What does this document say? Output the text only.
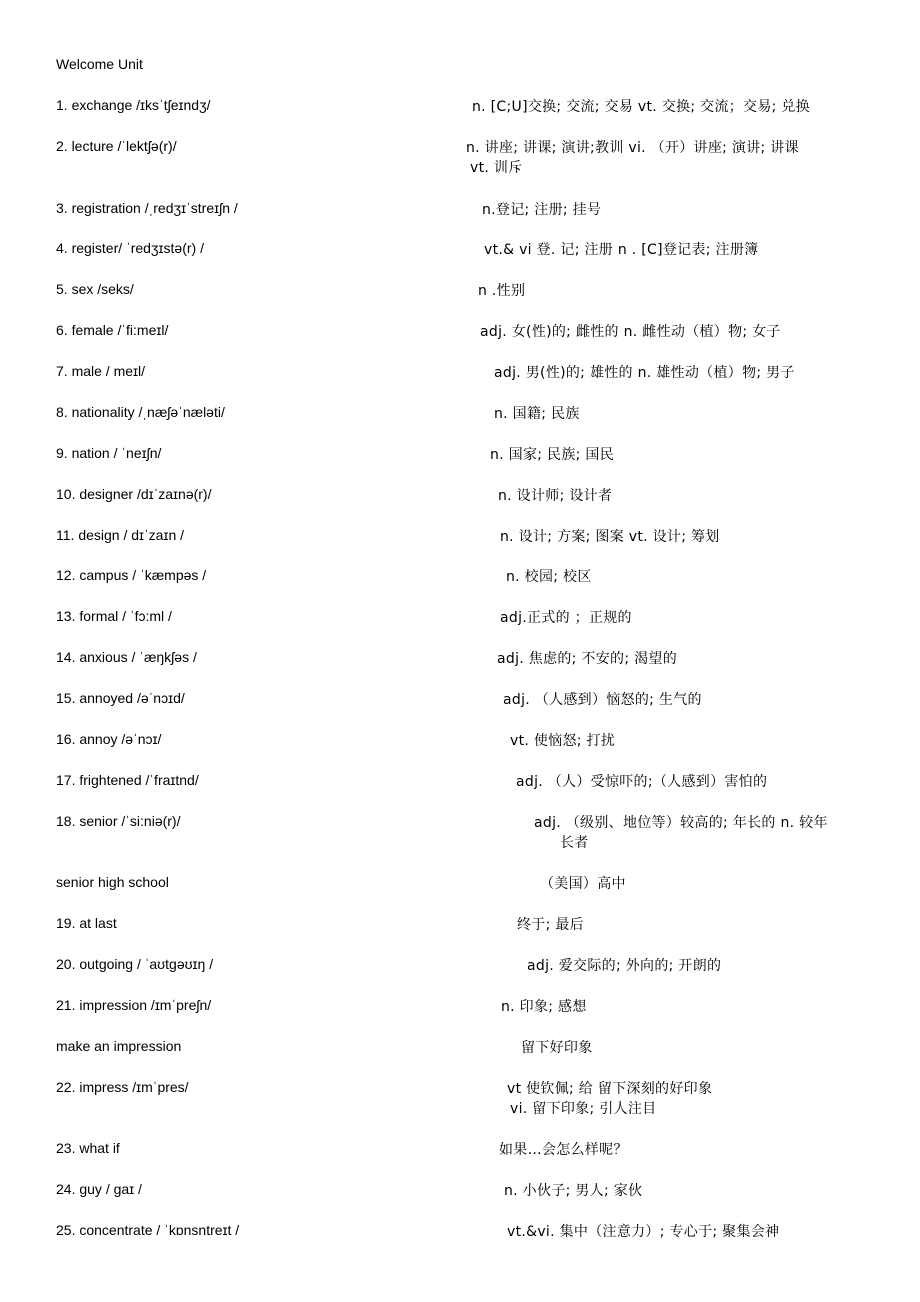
Welcome Unit
1. exchange /ɪksˈtʃeɪndʒ/	n. [C;U]交换; 交流; 交易 vt. 交换; 交流；交易; 兑换
2. lecture /ˈlektʃə(r)/	n. 讲座; 讲课; 演讲;教训 vi. （开）讲座; 演讲; 讲课
vt. 训斥
3. registration /ˌredʒɪˈstreɪʃn /	n.登记; 注册; 挂号
4. register/ ˈredʒɪstə(r) /	vt.& vi 登. 记; 注册 n . [C]登记表; 注册簿
5. sex /seks/	n .性别
6. female /ˈfi:meɪl/	adj. 女(性)的; 雌性的 n. 雌性动（植）物; 女子
7. male / meɪl/	adj. 男(性)的; 雄性的 n. 雄性动（植）物; 男子
8. nationality /ˌnæʃəˈnæləti/	n. 国籍; 民族
9. nation / ˈneɪʃn/	n. 国家; 民族; 国民
10. designer /dɪˈzaɪnə(r)/	n. 设计师; 设计者
11. design / dɪˈzaɪn /	n. 设计; 方案; 图案 vt. 设计; 筹划
12. campus / ˈkæmpəs /	n. 校园; 校区
13. formal / ˈfɔ:ml /	adj.正式的 ；正规的
14. anxious / ˈæŋkʃəs /	adj. 焦虑的; 不安的; 渴望的
15. annoyed /əˈnɔɪd/	adj. （人感到）恼怒的; 生气的
16. annoy /əˈnɔɪ/	vt. 使恼怒; 打扰
17. frightened /ˈfraɪtnd/	adj. （人）受惊吓的;（人感到）害怕的
18. senior /ˈsi:niə(r)/	adj. （级别、地位等）较高的; 年长的 n. 较年
长者
senior high school	（美国）高中
19. at last	终于; 最后
20. outgoing / ˈaʊtgəʊɪŋ /	adj. 爱交际的; 外向的; 开朗的
21. impression /ɪmˈpreʃn/	n. 印象; 感想
make an impression	留下好印象
22. impress /ɪmˈpres/	vt 使钦佩; 给 留下深刻的好印象
vi. 留下印象; 引人注目
23. what if	如果…会怎么样呢？
24. guy / gaɪ /	n. 小伙子; 男人; 家伙
25. concentrate / ˈkɒnsntreɪt /	vt.&vi. 集中（注意力）; 专心于; 聚集会神
